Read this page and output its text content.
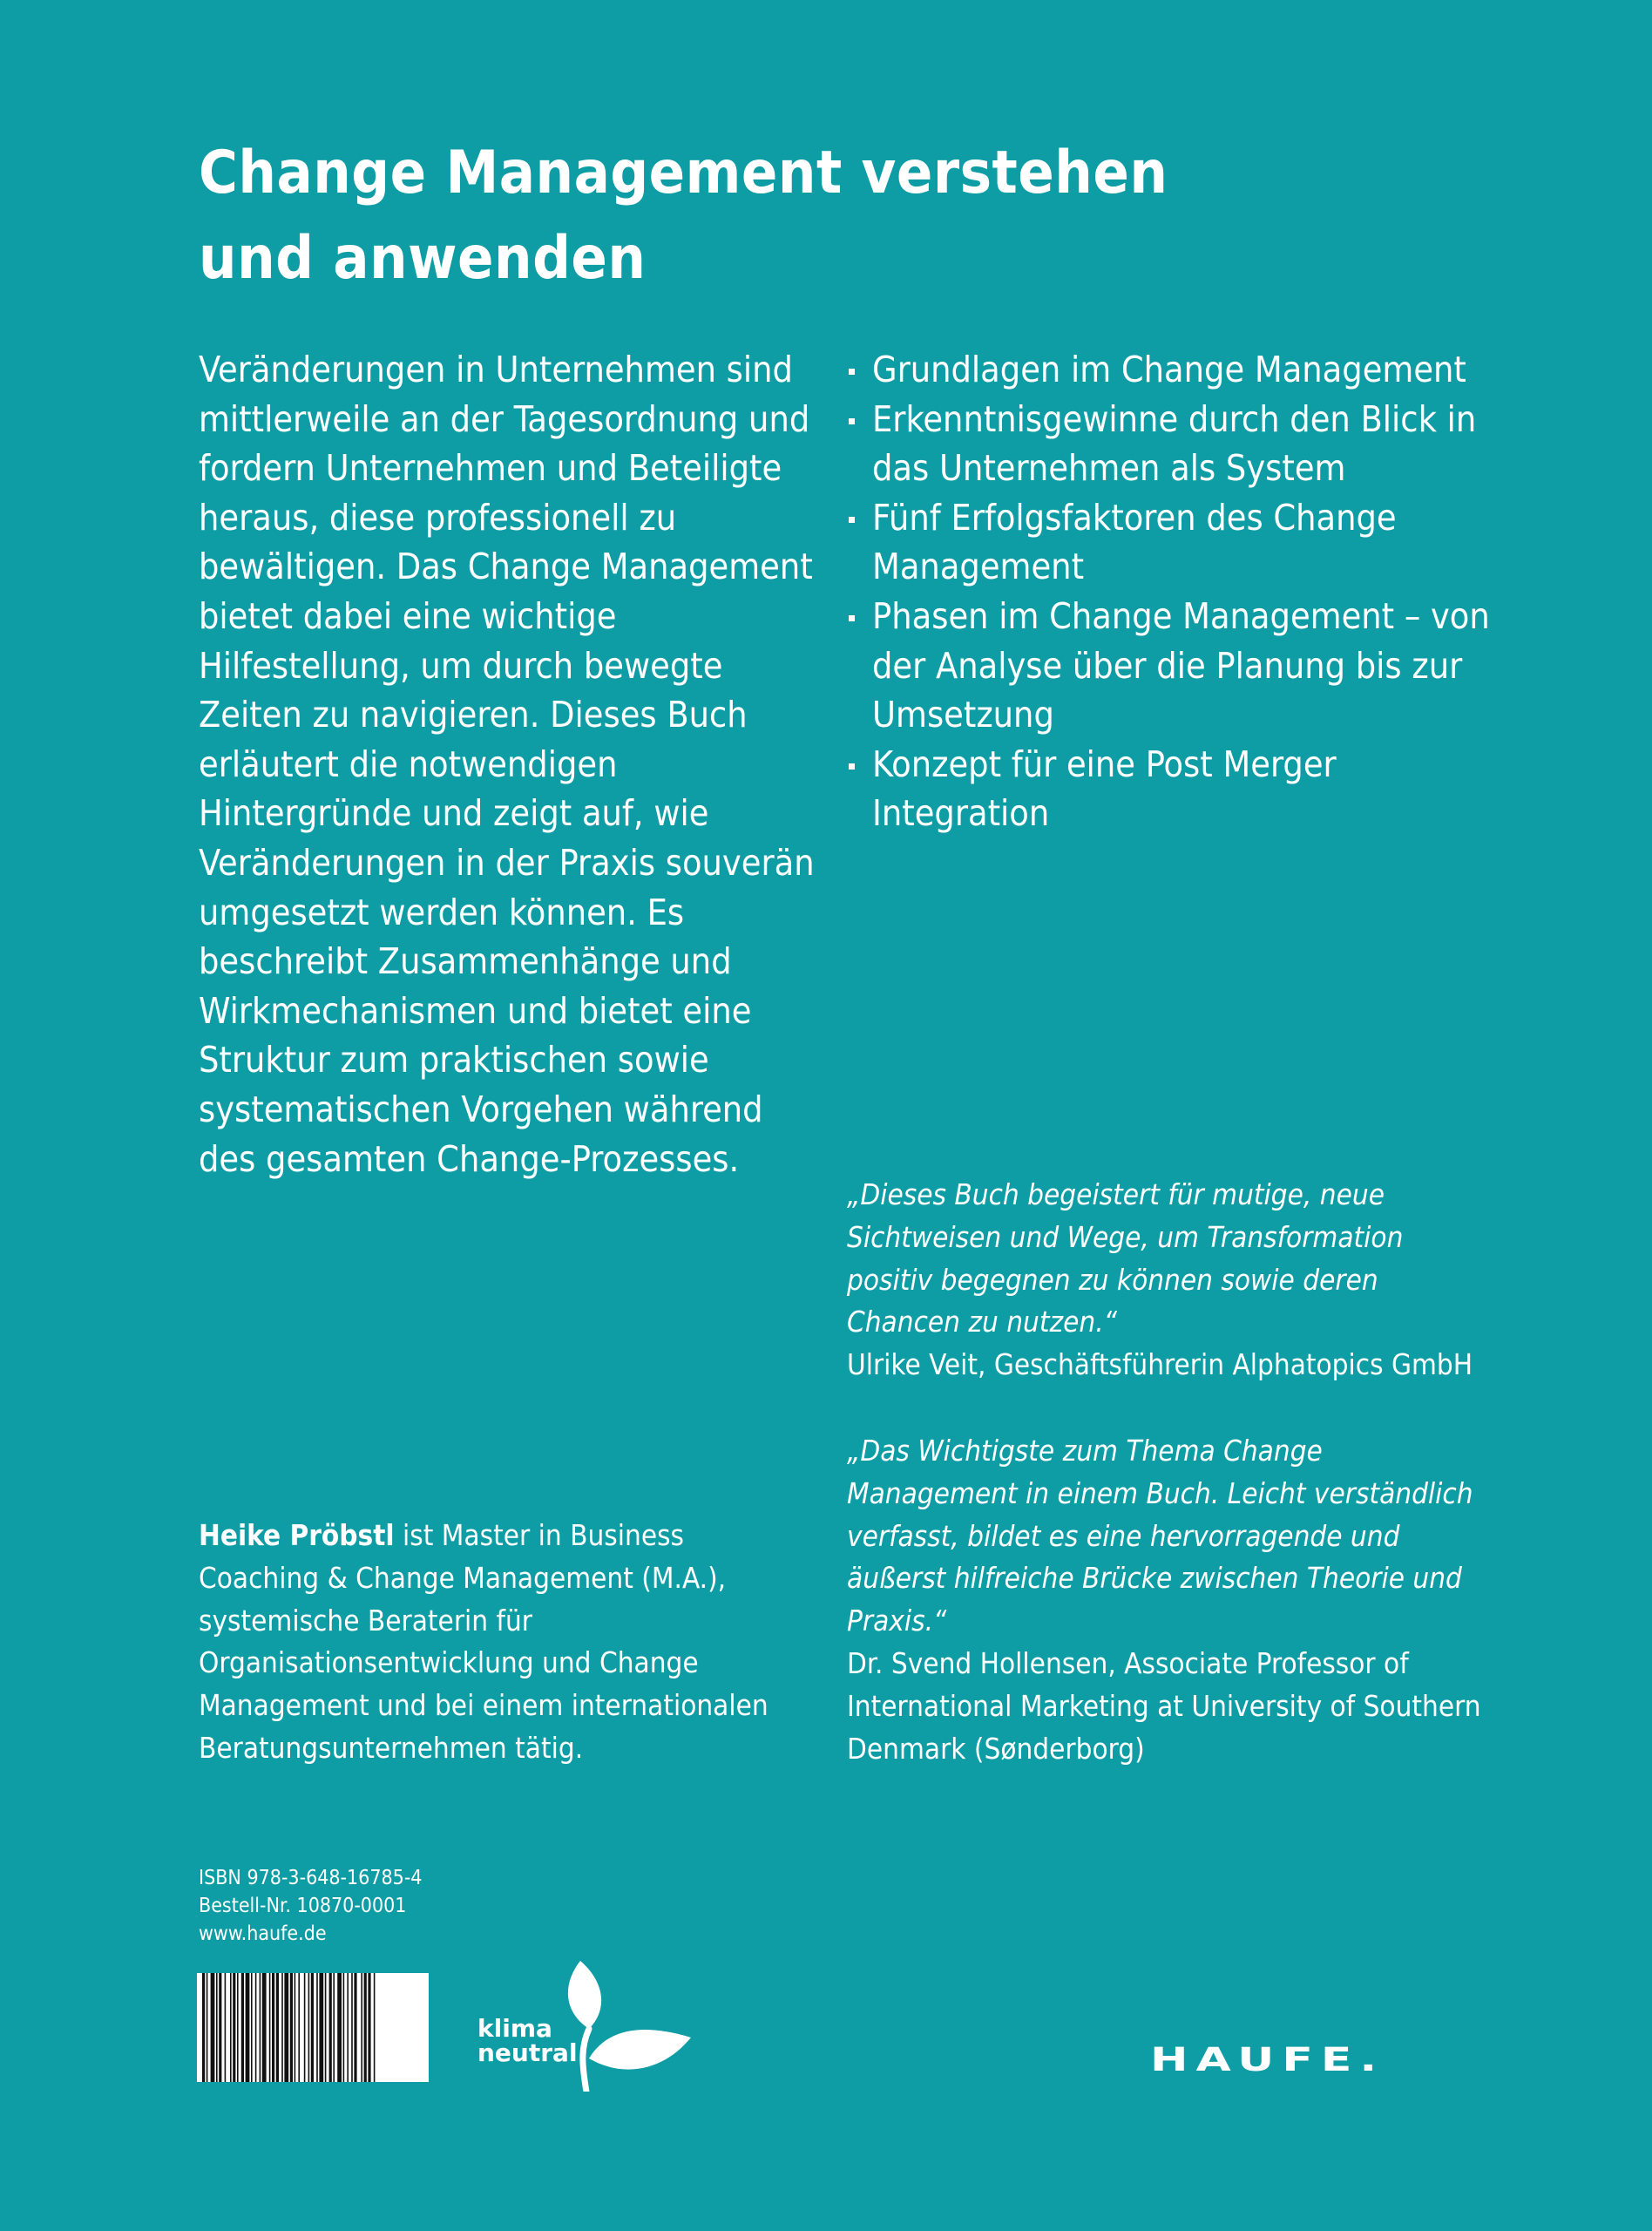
Change Management verstehen
und anwenden

Veränderungen in Unternehmen sind mittlerweile an der Tagesordnung und fordern Unternehmen und Beteiligte heraus, diese professionell zu bewältigen. Das Change Management bietet dabei eine wichtige Hilfestellung, um durch bewegte Zeiten zu navigieren. Dieses Buch erläutert die notwendigen Hintergründe und zeigt auf, wie Veränderungen in der Praxis souverän umgesetzt werden können. Es beschreibt Zusammenhänge und Wirkmechanismen und bietet eine Struktur zum praktischen sowie systematischen Vorgehen während des gesamten Change-Prozesses.

Grundlagen im Change Management
Erkenntnisgewinne durch den Blick in das Unternehmen als System
Fünf Erfolgsfaktoren des Change Management
Phasen im Change Management – von der Analyse über die Planung bis zur Umsetzung
Konzept für eine Post Merger Integration

„Dieses Buch begeistert für mutige, neue Sichtweisen und Wege, um Transformation positiv begegnen zu können sowie deren Chancen zu nutzen.“
Ulrike Veit, Geschäftsführerin Alphatopics GmbH

„Das Wichtigste zum Thema Change Management in einem Buch. Leicht verständlich verfasst, bildet es eine hervorragende und äußerst hilfreiche Brücke zwischen Theorie und Praxis.“
Dr. Svend Hollensen, Associate Professor of International Marketing at University of Southern Denmark (Sønderborg)

Heike Pröbstl ist Master in Business Coaching & Change Management (M.A.), systemische Beraterin für Organisationsentwicklung und Change Management und bei einem internationalen Beratungsunternehmen tätig.

ISBN 978-3-648-16785-4
Bestell-Nr. 10870-0001
www.haufe.de
klima
neutral	HAUFE.
